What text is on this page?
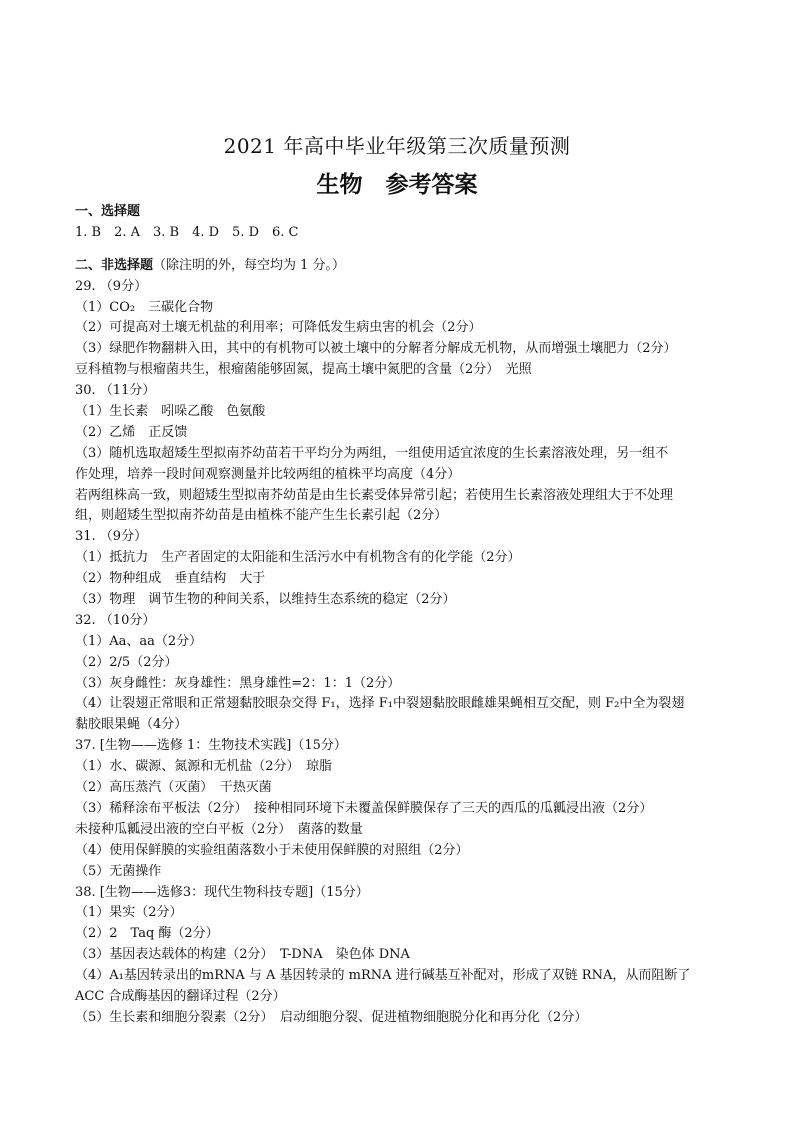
2021 年高中毕业年级第三次质量预测
生物　参考答案
一、选择题
1. B　2. A　3. B　4. D　5. D　6. C
二、非选择题（除注明的外，每空均为 1 分。）
29. （9分）
（1）CO₂　三碳化合物
（2）可提高对土壤无机盐的利用率；可降低发生病虫害的机会（2分）
（3）绿肥作物翻耕入田，其中的有机物可以被土壤中的分解者分解成无机物，从而增强土壤肥力（2分）
豆科植物与根瘤菌共生，根瘤菌能够固氮，提高土壤中氮肥的含量（2分）　光照
30. （11分）
（1）生长素　吲哚乙酸　色氨酸
（2）乙烯　正反馈
（3）随机选取超矮生型拟南芥幼苗若干平均分为两组，一组使用适宜浓度的生长素溶液处理，另一组不
作处理，培养一段时间观察测量并比较两组的植株平均高度（4分）
若两组株高一致，则超矮生型拟南芥幼苗是由生长素受体异常引起；若使用生长素溶液处理组大于不处理
组，则超矮生型拟南芥幼苗是由植株不能产生生长素引起（2分）
31. （9分）
（1）抵抗力　生产者固定的太阳能和生活污水中有机物含有的化学能（2分）
（2）物种组成　垂直结构　大于
（3）物理　调节生物的种间关系，以维持生态系统的稳定（2分）
32. （10分）
（1）Aa、aa（2分）
（2）2/5（2分）
（3）灰身雌性：灰身雄性：黑身雄性=2：1：1（2分）
（4）让裂翅正常眼和正常翅黏胶眼杂交得 F₁，选择 F₁中裂翅黏胶眼雌雄果蝇相互交配，则 F₂中全为裂翅
黏胶眼果蝇（4分）
37. [生物——选修 1：生物技术实践]（15分）
（1）水、碳源、氮源和无机盐（2分）　琼脂
（2）高压蒸汽（灭菌）　干热灭菌
（3）稀释涂布平板法（2分）　接种相同环境下未覆盖保鲜膜保存了三天的西瓜的瓜瓤浸出液（2分）
未接种瓜瓤浸出液的空白平板（2分）　菌落的数量
（4）使用保鲜膜的实验组菌落数小于未使用保鲜膜的对照组（2分）
（5）无菌操作
38. [生物——选修3：现代生物科技专题]（15分）
（1）果实（2分）
（2）2　Taq 酶（2分）
（3）基因表达载体的构建（2分）　T-DNA　染色体 DNA
（4）A₁基因转录出的mRNA 与 A 基因转录的 mRNA 进行碱基互补配对，形成了双链 RNA，从而阻断了
ACC 合成酶基因的翻译过程（2分）
（5）生长素和细胞分裂素（2分）　启动细胞分裂、促进植物细胞脱分化和再分化（2分）
